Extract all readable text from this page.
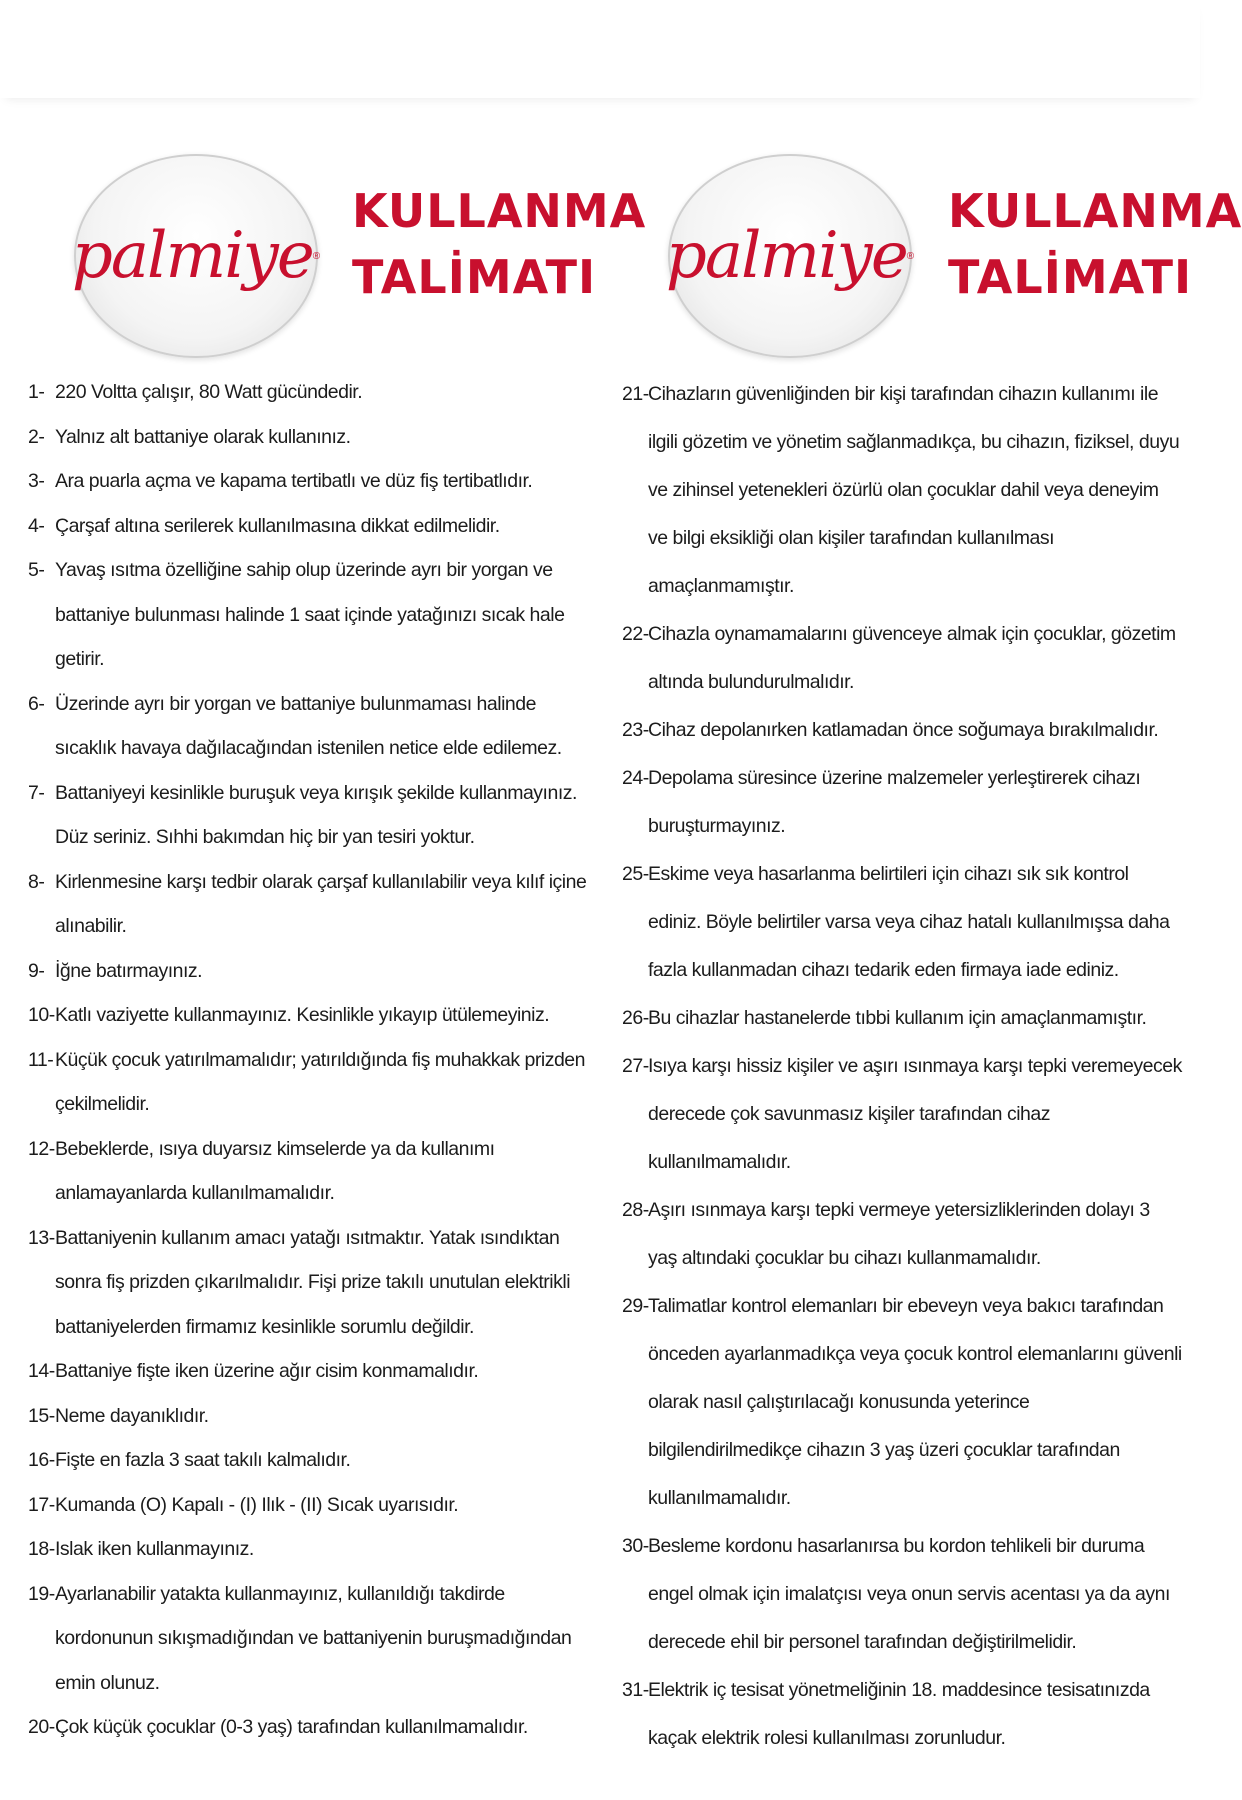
palmiye ®
KULLANMA
TALİMATI
1- 220 Voltta çalışır, 80 Watt gücündedir.
2- Yalnız alt battaniye olarak kullanınız.
3- Ara puarla açma ve kapama tertibatlı ve düz fiş tertibatlıdır.
4- Çarşaf altına serilerek kullanılmasına dikkat edilmelidir.
5- Yavaş ısıtma özelliğine sahip olup üzerinde ayrı bir yorgan ve battaniye bulunması halinde 1 saat içinde yatağınızı sıcak hale getirir.
6- Üzerinde ayrı bir yorgan ve battaniye bulunmaması halinde sıcaklık havaya dağılacağından istenilen netice elde edilemez.
7- Battaniyeyi kesinlikle buruşuk veya kırışık şekilde kullanmayınız. Düz seriniz. Sıhhi bakımdan hiç bir yan tesiri yoktur.
8- Kirlenmesine karşı tedbir olarak çarşaf kullanılabilir veya kılıf içine alınabilir.
9- İğne batırmayınız.
10- Katlı vaziyette kullanmayınız. Kesinlikle yıkayıp ütülemeyiniz.
11- Küçük çocuk yatırılmamalıdır; yatırıldığında fiş muhakkak prizden çekilmelidir.
12- Bebeklerde, ısıya duyarsız kimselerde ya da kullanımı anlamayanlarda kullanılmamalıdır.
13- Battaniyenin kullanım amacı yatağı ısıtmaktır. Yatak ısındıktan sonra fiş prizden çıkarılmalıdır. Fişi prize takılı unutulan elektrikli battaniyelerden firmamız kesinlikle sorumlu değildir.
14- Battaniye fişte iken üzerine ağır cisim konmamalıdır.
15- Neme dayanıklıdır.
16- Fişte en fazla 3 saat takılı kalmalıdır.
17- Kumanda (O) Kapalı - (I) Ilık - (II) Sıcak uyarısıdır.
18- Islak iken kullanmayınız.
19- Ayarlanabilir yatakta kullanmayınız, kullanıldığı takdirde kordonunun sıkışmadığından ve battaniyenin buruşmadığından emin olunuz.
20- Çok küçük çocuklar (0-3 yaş) tarafından kullanılmamalıdır.
palmiye ®
KULLANMA
TALİMATI
21- Cihazların güvenliğinden bir kişi tarafından cihazın kullanımı ile ilgili gözetim ve yönetim sağlanmadıkça, bu cihazın, fiziksel, duyu ve zihinsel yetenekleri özürlü olan çocuklar dahil veya deneyim ve bilgi eksikliği olan kişiler tarafından kullanılması amaçlanmamıştır.
22- Cihazla oynamamalarını güvenceye almak için çocuklar, gözetim altında bulundurulmalıdır.
23- Cihaz depolanırken katlamadan önce soğumaya bırakılmalıdır.
24- Depolama süresince üzerine malzemeler yerleştirerek cihazı buruşturmayınız.
25- Eskime veya hasarlanma belirtileri için cihazı sık sık kontrol ediniz. Böyle belirtiler varsa veya cihaz hatalı kullanılmışsa daha fazla kullanmadan cihazı tedarik eden firmaya iade ediniz.
26- Bu cihazlar hastanelerde tıbbi kullanım için amaçlanmamıştır.
27- Isıya karşı hissiz kişiler ve aşırı ısınmaya karşı tepki veremeyecek derecede çok savunmasız kişiler tarafından cihaz kullanılmamalıdır.
28- Aşırı ısınmaya karşı tepki vermeye yetersizliklerinden dolayı 3 yaş altındaki çocuklar bu cihazı kullanmamalıdır.
29- Talimatlar kontrol elemanları bir ebeveyn veya bakıcı tarafından önceden ayarlanmadıkça veya çocuk kontrol elemanlarını güvenli olarak nasıl çalıştırılacağı konusunda yeterince bilgilendirilmedikçe cihazın 3 yaş üzeri çocuklar tarafından kullanılmamalıdır.
30- Besleme kordonu hasarlanırsa bu kordon tehlikeli bir duruma engel olmak için imalatçısı veya onun servis acentası ya da aynı derecede ehil bir personel tarafından değiştirilmelidir.
31- Elektrik iç tesisat yönetmeliğinin 18. maddesince tesisatınızda kaçak elektrik rolesi kullanılması zorunludur.
